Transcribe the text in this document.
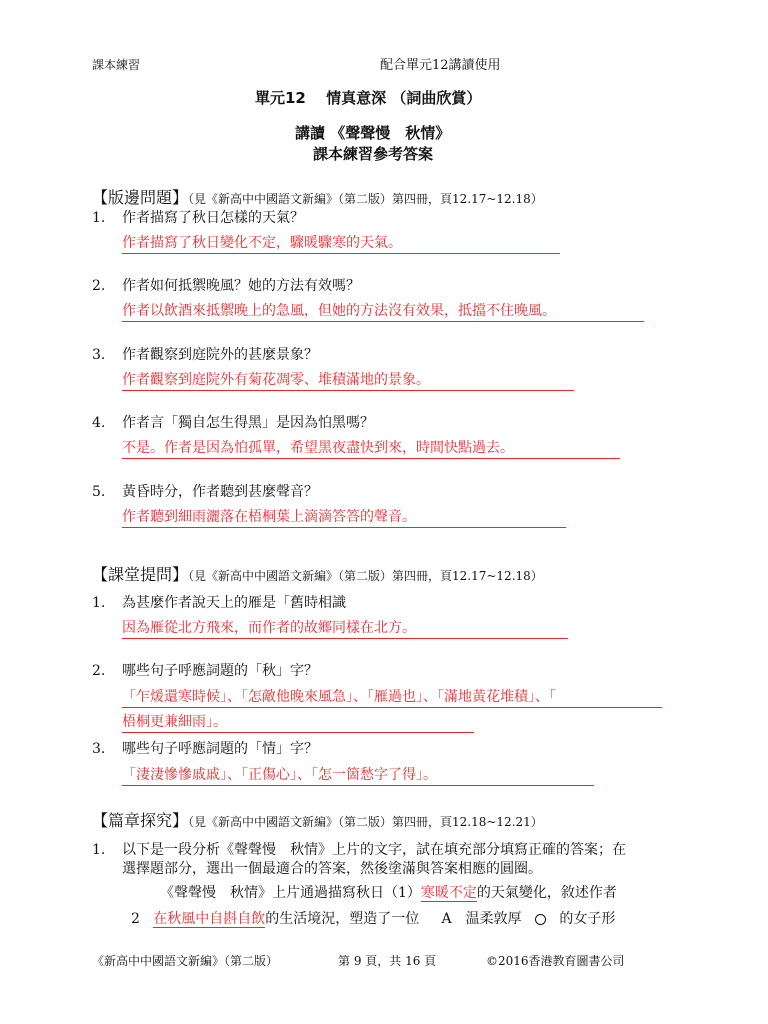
課本練習	配合單元12講讀使用
單元12　 情真意深 （詞曲欣賞）
講讀 《聲聲慢　秋情》
課本練習參考答案
【版邊問題】（見《新高中中國語文新編》（第二版）第四冊，頁12.17~12.18）
1. 作者描寫了秋日怎樣的天氣？
作者描寫了秋日變化不定，驟暖驟寒的天氣。
2. 作者如何抵禦晚風？她的方法有效嗎？
作者以飲酒來抵禦晚上的急風，但她的方法沒有效果，抵擋不住晚風。
3. 作者觀察到庭院外的甚麼景象？
作者觀察到庭院外有菊花凋零、堆積滿地的景象。
4. 作者言「獨自怎生得黑」是因為怕黑嗎？
不是。作者是因為怕孤單，希望黑夜盡快到來，時間快點過去。
5. 黃昏時分，作者聽到甚麼聲音？
作者聽到細雨灑落在梧桐葉上滴滴答答的聲音。
【課堂提問】（見《新高中中國語文新編》（第二版）第四冊，頁12.17~12.18）
1. 為甚麼作者說天上的雁是「舊時相識
因為雁從北方飛來，而作者的故鄉同樣在北方。
2. 哪些句子呼應詞題的「秋」字？
「乍煖還寒時候」、「怎敵他晚來風急」、「雁過也」、「滿地黃花堆積」、「
梧桐更兼細雨」。
3. 哪些句子呼應詞題的「情」字？
「淒淒慘慘戚戚」、「正傷心」、「怎一箇愁字了得」。
【篇章探究】（見《新高中中國語文新編》（第二版）第四冊，頁12.18~12.21）
1. 以下是一段分析《聲聲慢　秋情》上片的文字，試在填充部分填寫正確的答案；在
選擇題部分，選出一個最適合的答案，然後塗滿與答案相應的圓圈。
《聲聲慢　秋情》上片通過描寫秋日（1）寒暖不定的天氣變化，敘述作者
2 在秋風中自斟自飲的生活境況，塑造了一位 A　温柔敦厚	的女子形
《新高中中國語文新編》（第二版）	第 9 頁，共 16 頁	©2016香港教育圖書公司
